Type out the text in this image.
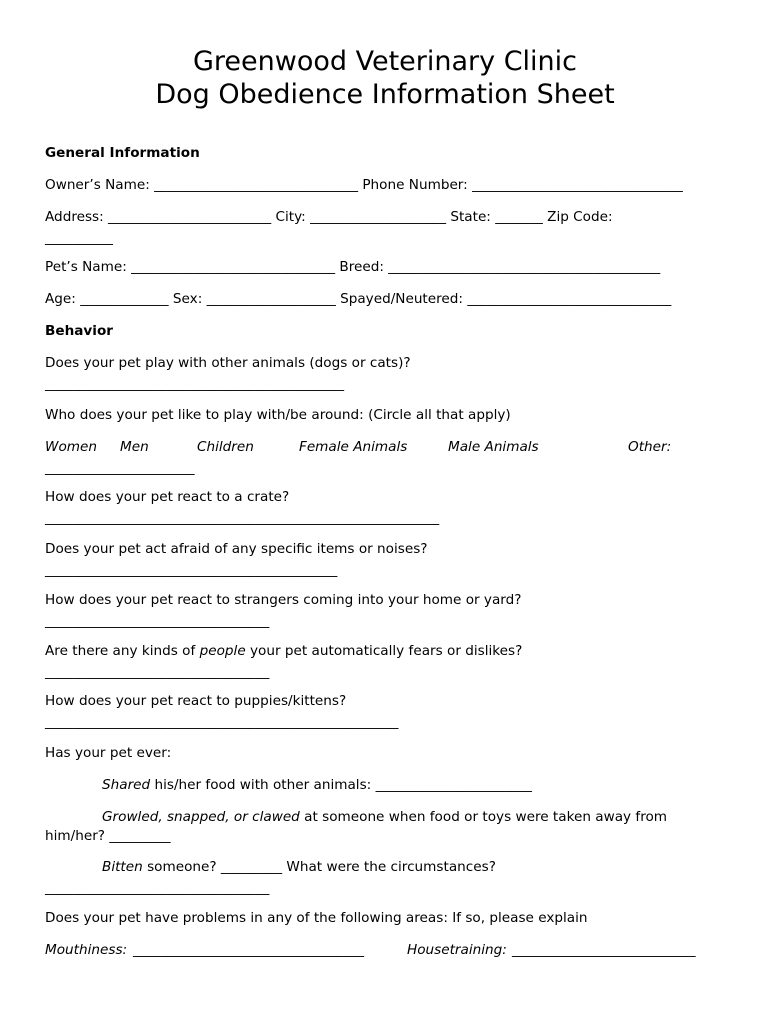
Greenwood Veterinary Clinic
Dog Obedience Information Sheet
General Information
Owner’s Name: ______________________________ Phone Number: _______________________________
Address: ________________________ City: ____________________ State: _______ Zip Code:
__________
Pet’s Name: ______________________________ Breed: ________________________________________
Age: _____________ Sex: ___________________ Spayed/Neutered: ______________________________
Behavior
Does your pet play with other animals (dogs or cats)?
____________________________________________
Who does your pet like to play with/be around: (Circle all that apply)
Women Men	Children	Female Animals	Male Animals	Other:
______________________
How does your pet react to a crate?
__________________________________________________________
Does your pet act afraid of any specific items or noises?
___________________________________________
How does your pet react to strangers coming into your home or yard?
_________________________________
Are there any kinds of people your pet automatically fears or dislikes?
_________________________________
How does your pet react to puppies/kittens?
____________________________________________________
Has your pet ever:
Shared his/her food with other animals: _______________________
Growled, snapped, or clawed at someone when food or toys were taken away from
him/her? _________
Bitten someone? _________ What were the circumstances?
_________________________________
Does your pet have problems in any of the following areas: If so, please explain
Mouthiness: __________________________________	Housetraining: ___________________________
